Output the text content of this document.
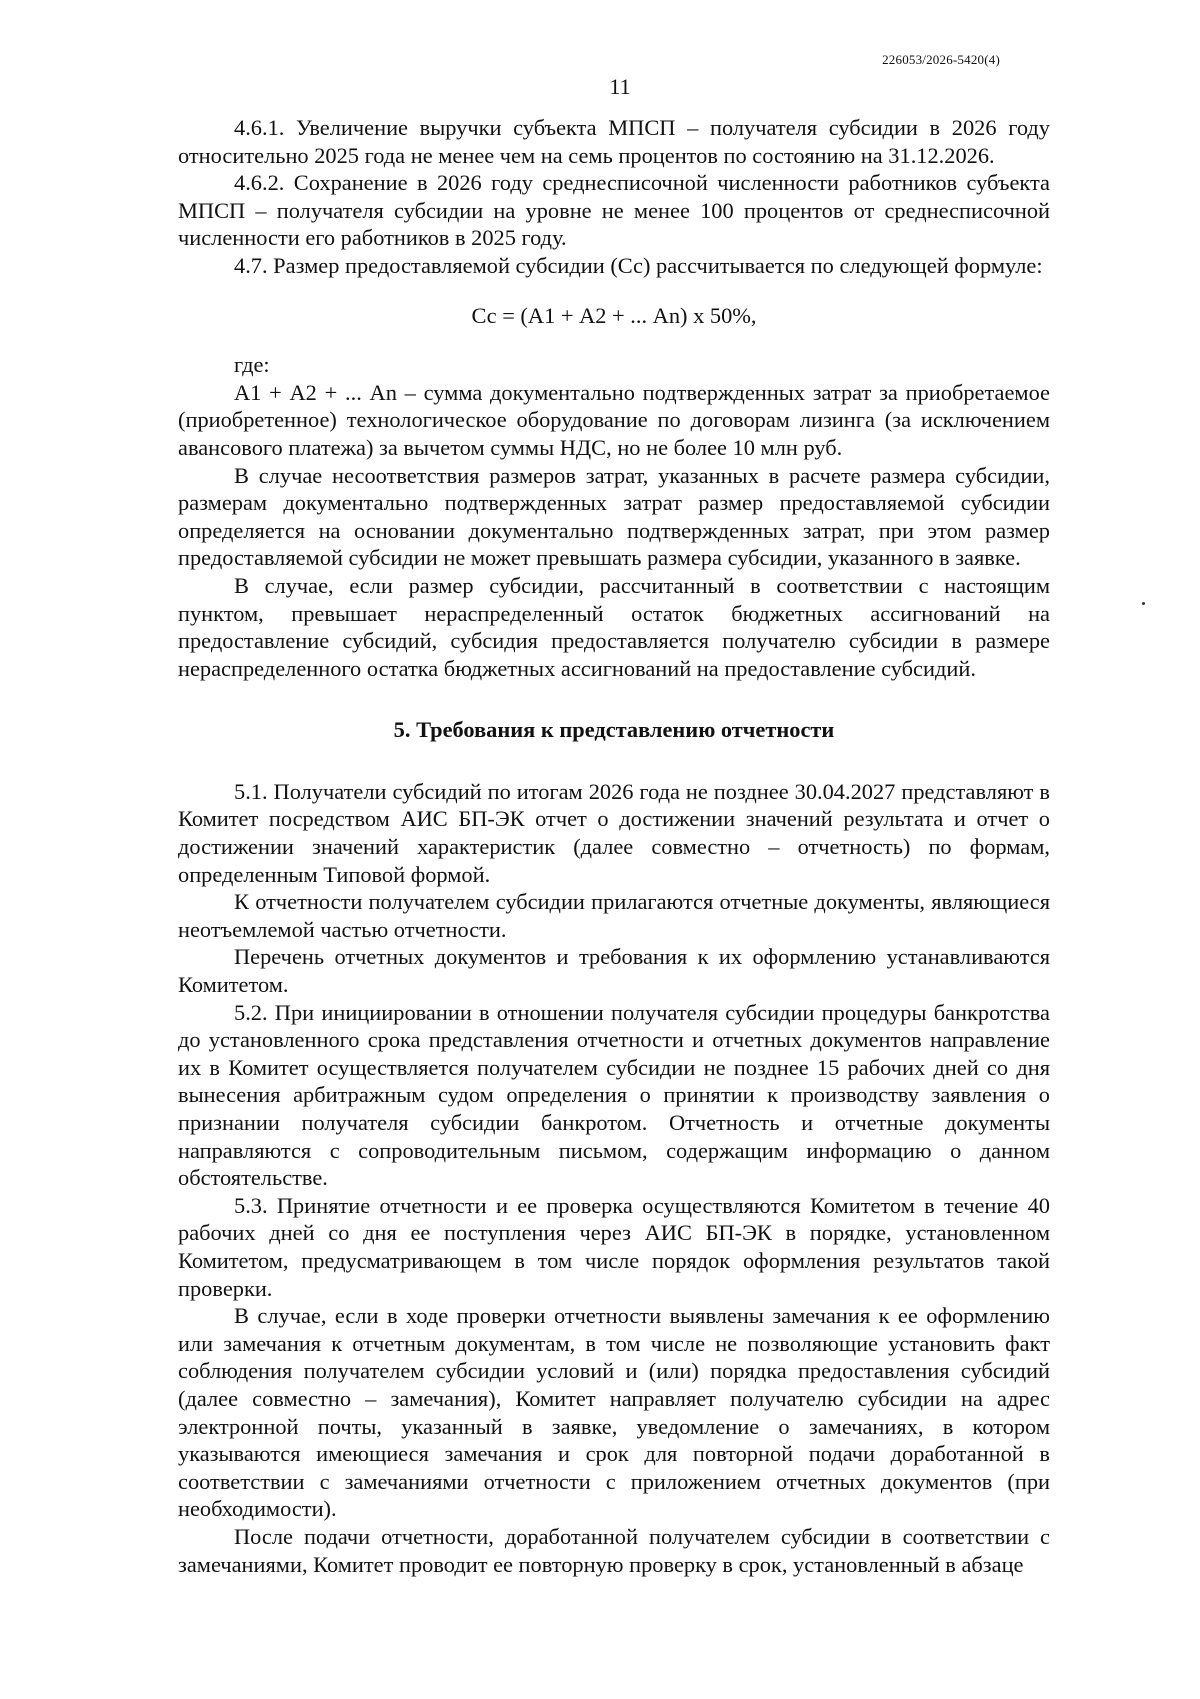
226053/2026-5420(4)
11

4.6.1. Увеличение выручки субъекта МПСП – получателя субсидии в 2026 году относительно 2025 года не менее чем на семь процентов по состоянию на 31.12.2026.

4.6.2. Сохранение в 2026 году среднесписочной численности работников субъекта МПСП – получателя субсидии на уровне не менее 100 процентов от среднесписочной численности его работников в 2025 году.

4.7. Размер предоставляемой субсидии (Сс) рассчитывается по следующей формуле:

Сс = (А1 + А2 + ... Аn) х 50%,

где:

А1 + А2 + ... Аn – сумма документально подтвержденных затрат за приобретаемое (приобретенное) технологическое оборудование по договорам лизинга (за исключением авансового платежа) за вычетом суммы НДС, но не более 10 млн руб.

В случае несоответствия размеров затрат, указанных в расчете размера субсидии, размерам документально подтвержденных затрат размер предоставляемой субсидии определяется на основании документально подтвержденных затрат, при этом размер предоставляемой субсидии не может превышать размера субсидии, указанного в заявке.

В случае, если размер субсидии, рассчитанный в соответствии с настоящим пунктом, превышает нераспределенный остаток бюджетных ассигнований на предоставление субсидий, субсидия предоставляется получателю субсидии в размере нераспределенного остатка бюджетных ассигнований на предоставление субсидий.

5. Требования к представлению отчетности

5.1. Получатели субсидий по итогам 2026 года не позднее 30.04.2027 представляют в Комитет посредством АИС БП-ЭК отчет о достижении значений результата и отчет о достижении значений характеристик (далее совместно – отчетность) по формам, определенным Типовой формой.

К отчетности получателем субсидии прилагаются отчетные документы, являющиеся неотъемлемой частью отчетности.

Перечень отчетных документов и требования к их оформлению устанавливаются Комитетом.

5.2. При инициировании в отношении получателя субсидии процедуры банкротства до установленного срока представления отчетности и отчетных документов направление их в Комитет осуществляется получателем субсидии не позднее 15 рабочих дней со дня вынесения арбитражным судом определения о принятии к производству заявления о признании получателя субсидии банкротом. Отчетность и отчетные документы направляются с сопроводительным письмом, содержащим информацию о данном обстоятельстве.

5.3. Принятие отчетности и ее проверка осуществляются Комитетом в течение 40 рабочих дней со дня ее поступления через АИС БП-ЭК в порядке, установленном Комитетом, предусматривающем в том числе порядок оформления результатов такой проверки.

В случае, если в ходе проверки отчетности выявлены замечания к ее оформлению или замечания к отчетным документам, в том числе не позволяющие установить факт соблюдения получателем субсидии условий и (или) порядка предоставления субсидий (далее совместно – замечания), Комитет направляет получателю субсидии на адрес электронной почты, указанный в заявке, уведомление о замечаниях, в котором указываются имеющиеся замечания и срок для повторной подачи доработанной в соответствии с замечаниями отчетности с приложением отчетных документов (при необходимости).

После подачи отчетности, доработанной получателем субсидии в соответствии с замечаниями, Комитет проводит ее повторную проверку в срок, установленный в абзаце
